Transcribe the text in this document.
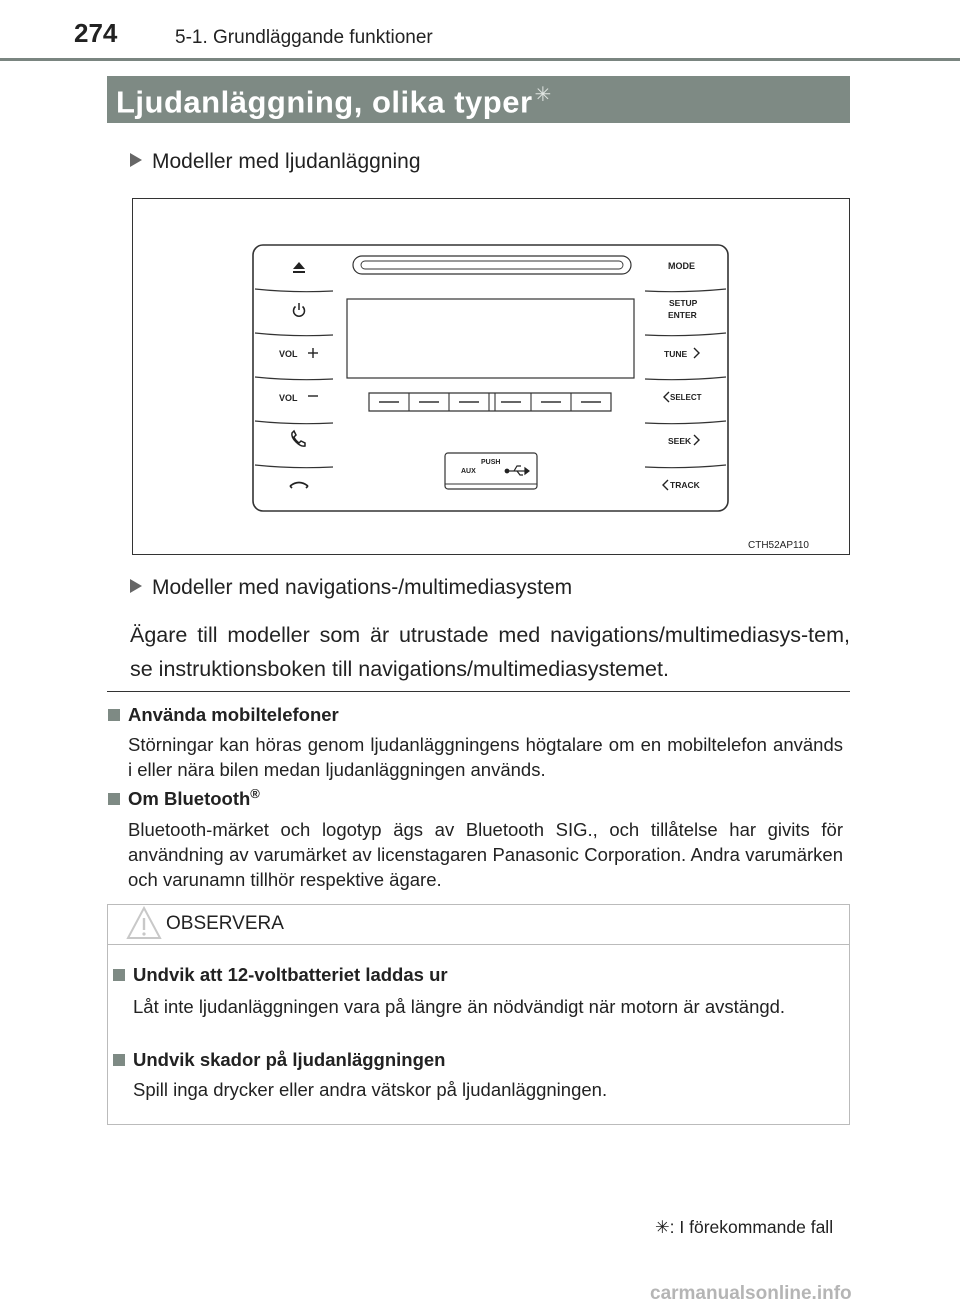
274	5-1. Grundläggande funktioner
Ljudanläggning, olika typer ✳
Modeller med ljudanläggning
PUSH
AUX
VOL
VOL
MODE
SETUP
ENTER
TUNE
SELECT
SEEK
TRACK
CTH52AP110
Modeller med navigations-/multimediasystem
Ägare till modeller som är utrustade med navigations/multimediasys-tem, se instruktionsboken till navigations/multimediasystemet.
Använda mobiltelefoner
Störningar kan höras genom ljudanläggningens högtalare om en mobiltelefon används i eller nära bilen medan ljudanläggningen används.
Om Bluetooth®
Bluetooth-märket och logotyp ägs av Bluetooth SIG., och tillåtelse har givits för användning av varumärket av licenstagaren Panasonic Corporation. Andra varumärken och varunamn tillhör respektive ägare.
OBSERVERA
Undvik att 12-voltbatteriet laddas ur
Låt inte ljudanläggningen vara på längre än nödvändigt när motorn är avstängd.
Undvik skador på ljudanläggningen
Spill inga drycker eller andra vätskor på ljudanläggningen.
✳: I förekommande fall
carmanualsonline.info
